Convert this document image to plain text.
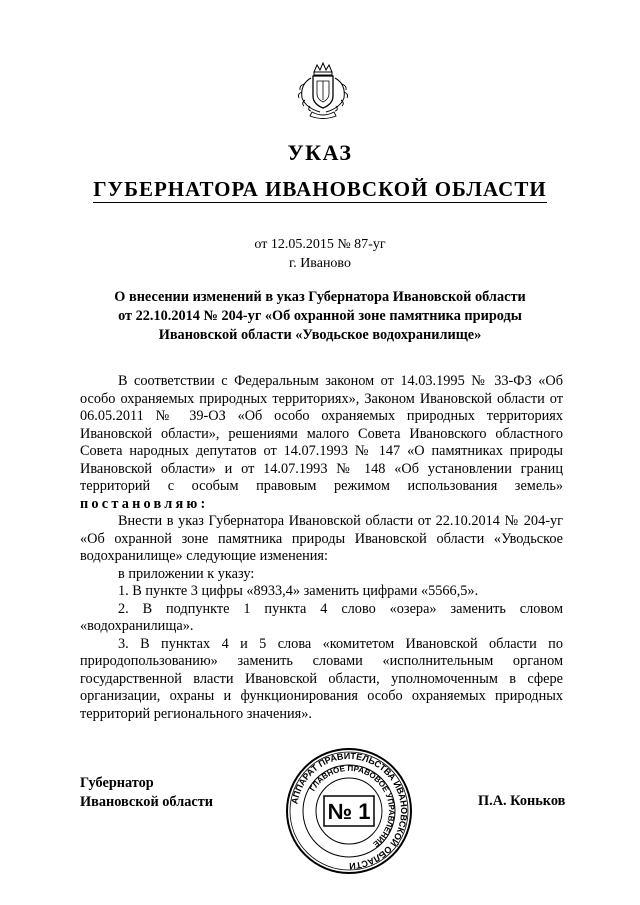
УКАЗ
ГУБЕРНАТОРА ИВАНОВСКОЙ ОБЛАСТИ
от 12.05.2015 № 87-уг
г. Иваново
О внесении изменений в указ Губернатора Ивановской области
от 22.10.2014 № 204-уг «Об охранной зоне памятника природы
Ивановской области «Уводьское водохранилище»

В соответствии с Федеральным законом от 14.03.1995 № 33-ФЗ «Об особо охраняемых природных территориях», Законом Ивановской области от 06.05.2011 № 39-ОЗ «Об особо охраняемых природных территориях Ивановской области», решениями малого Совета Ивановского областного Совета народных депутатов от 14.07.1993 № 147 «О памятниках природы Ивановской области» и от 14.07.1993 № 148 «Об установлении границ территорий с особым правовым режимом использования земель» постановляю:

Внести в указ Губернатора Ивановской области от 22.10.2014 № 204-уг «Об охранной зоне памятника природы Ивановской области «Уводьское водохранилище» следующие изменения:

в приложении к указу:

1. В пункте 3 цифры «8933,4» заменить цифрами «5566,5».

2. В подпункте 1 пункта 4 слово «озера» заменить словом «водохранилища».

3. В пунктах 4 и 5 слова «комитетом Ивановской области по природопользованию» заменить словами «исполнительным органом государственной власти Ивановской области, уполномоченным в сфере организации, охраны и функционирования особо охраняемых природных территорий регионального значения».

Губернатор
Ивановской области	П.А. Коньков
АППАРАТ ПРАВИТЕЛЬСТВА ИВАНОВСКОЙ ОБЛАСТИ
ГЛАВНОЕ ПРАВОВОЕ УПРАВЛЕНИЕ
№ 1
